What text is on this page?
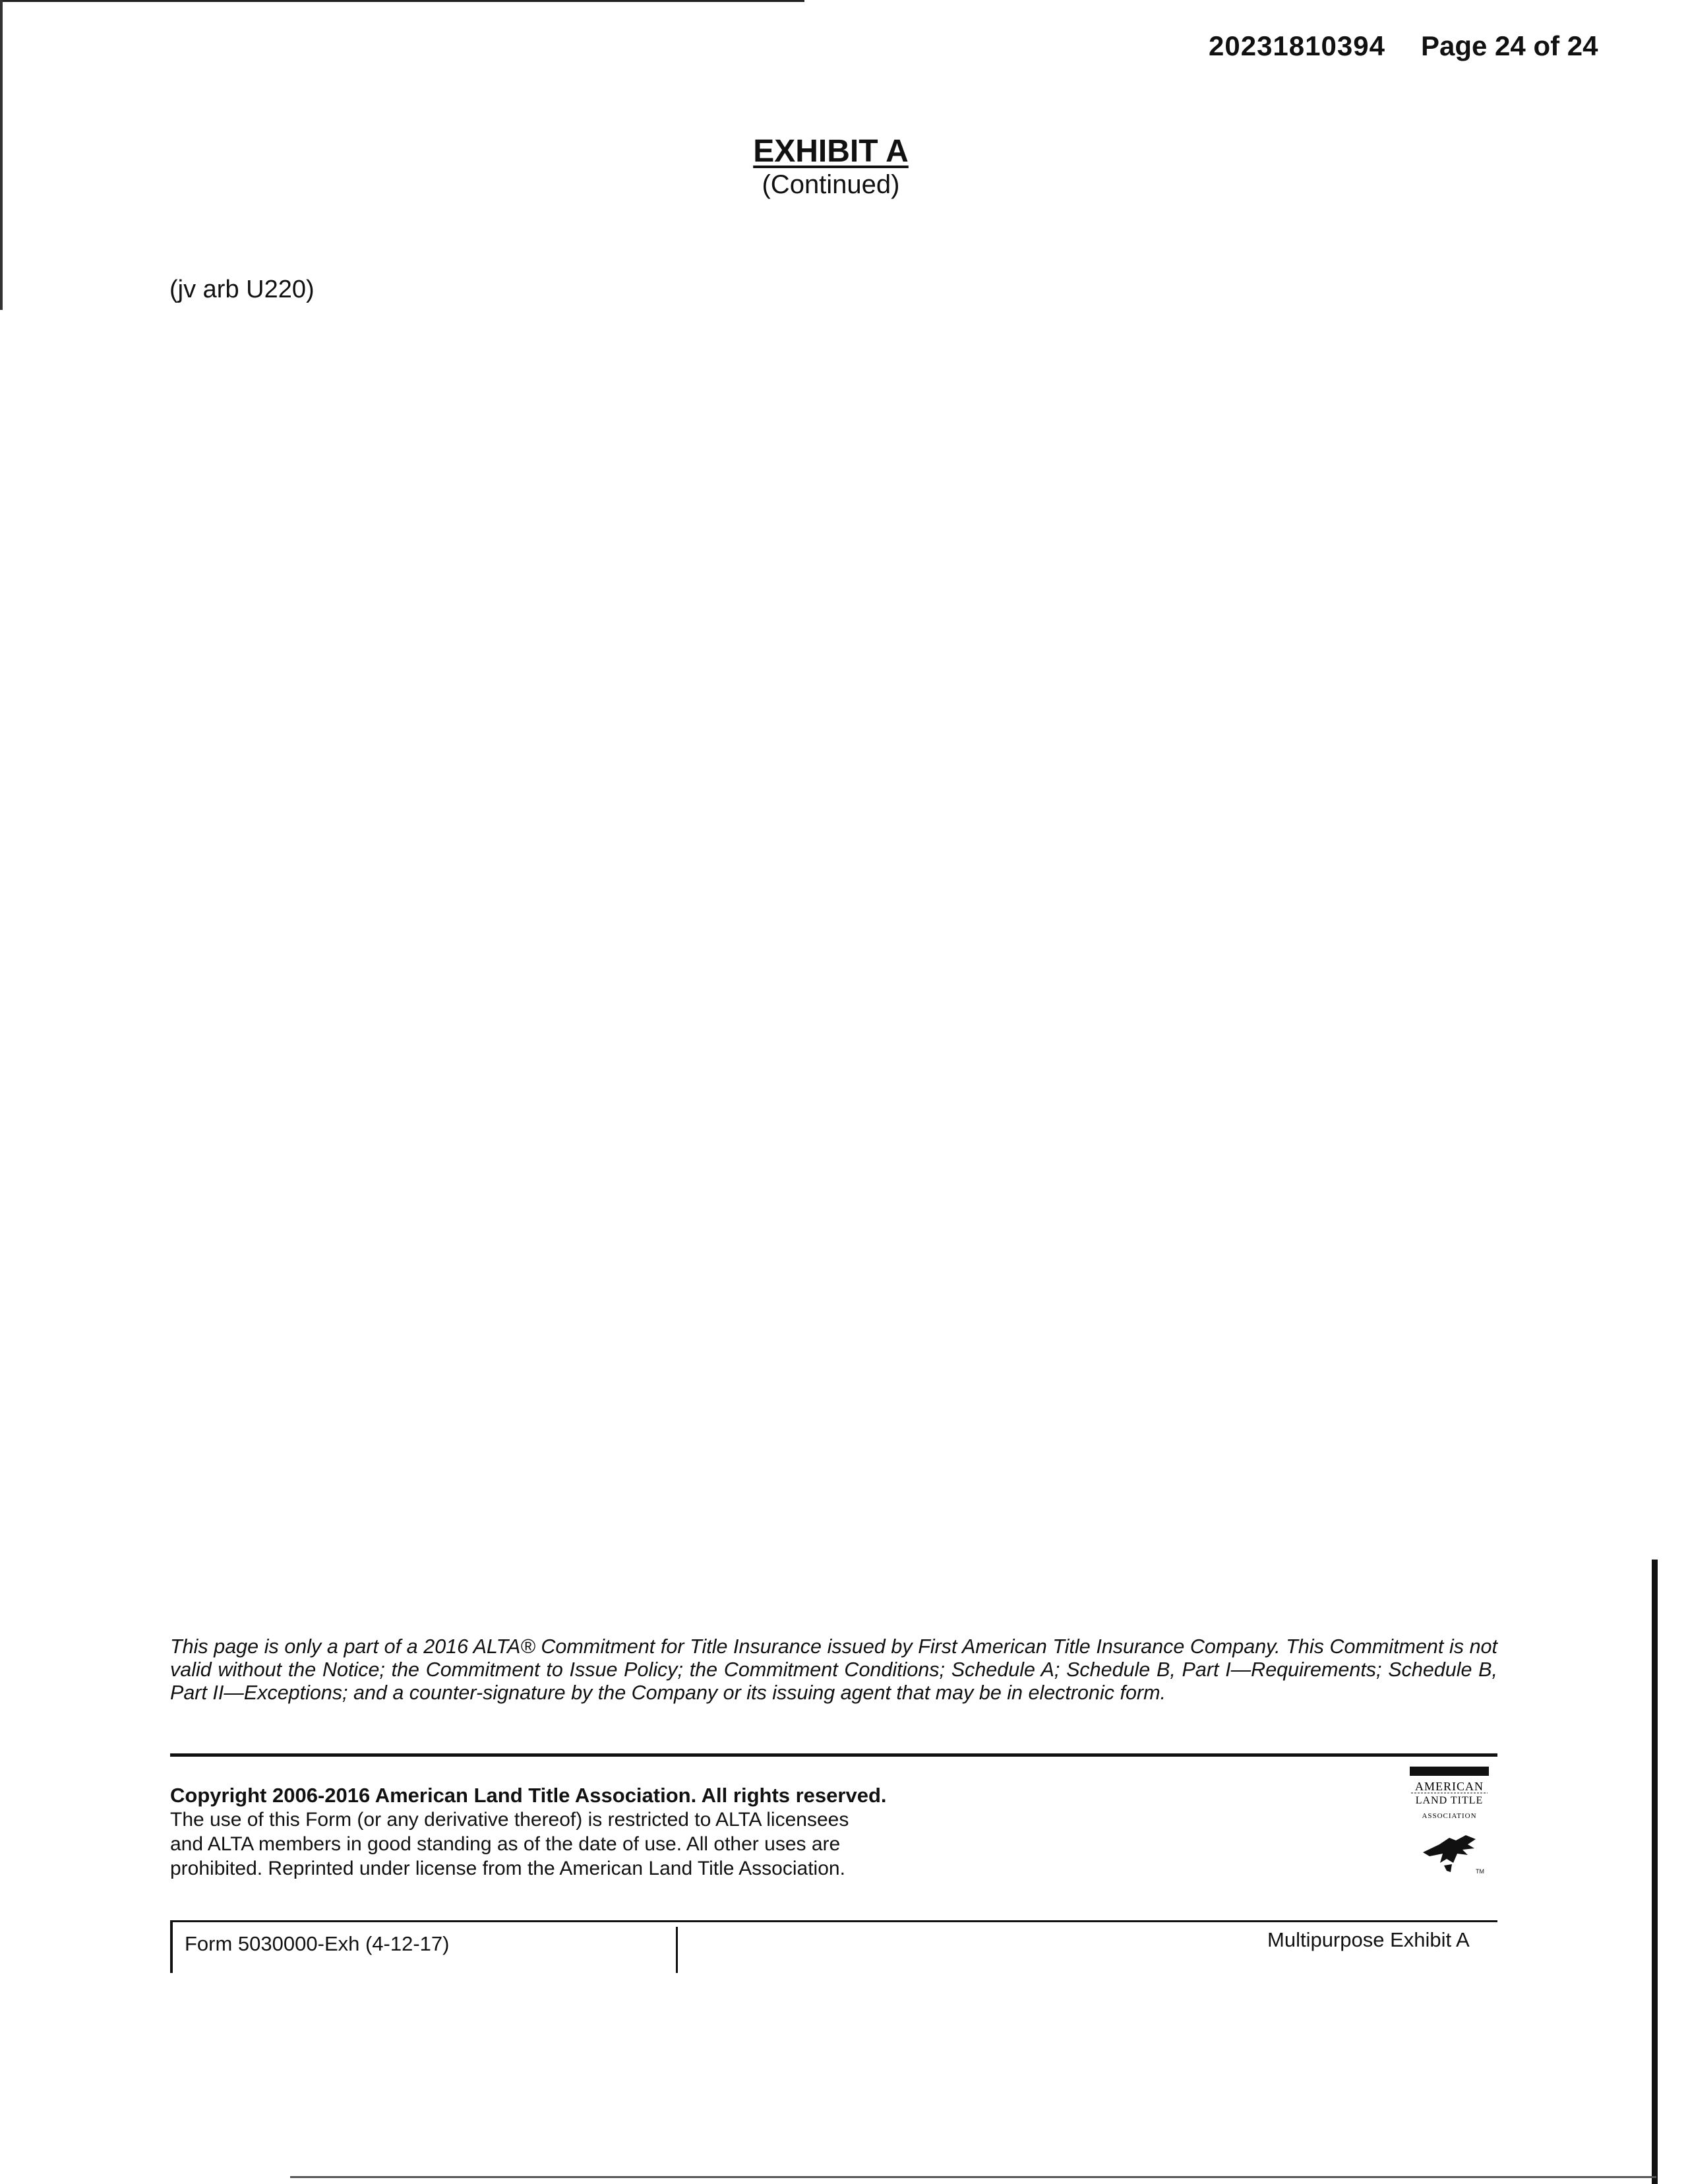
20231810394 Page 24 of 24
EXHIBIT A
(Continued)
(jv arb U220)
This page is only a part of a 2016 ALTA® Commitment for Title Insurance issued by First American Title Insurance Company. This Commitment is not valid without the Notice; the Commitment to Issue Policy; the Commitment Conditions; Schedule A; Schedule B, Part I—Requirements; Schedule B, Part II—Exceptions; and a counter-signature by the Company or its issuing agent that may be in electronic form.
Copyright 2006-2016 American Land Title Association. All rights reserved.
The use of this Form (or any derivative thereof) is restricted to ALTA licensees
and ALTA members in good standing as of the date of use. All other uses are
prohibited. Reprinted under license from the American Land Title Association.
AMERICAN
LAND TITLE
ASSOCIATION
TM
Form 5030000-Exh (4-12-17)	Multipurpose Exhibit A
